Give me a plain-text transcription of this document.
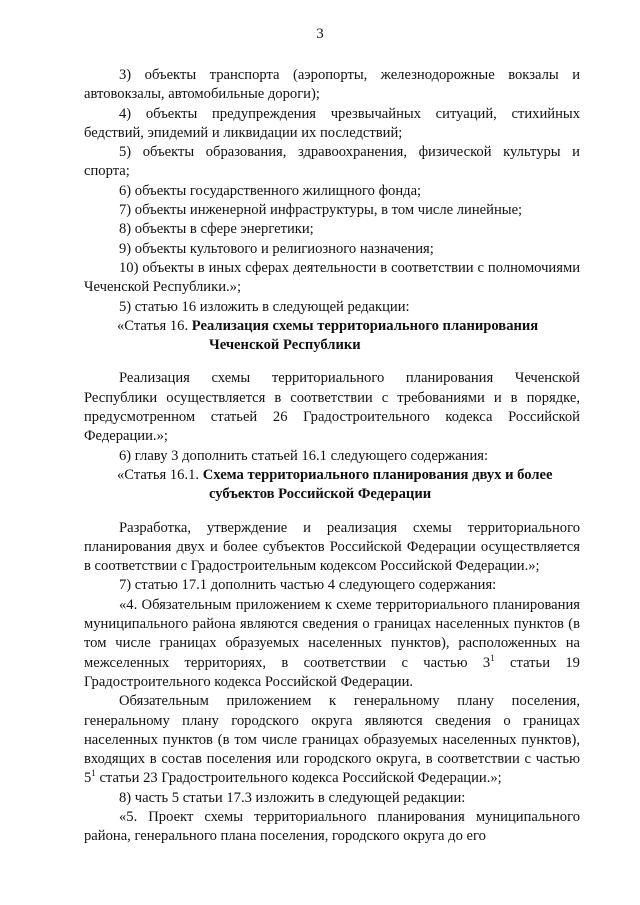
3

3) объекты транспорта (аэропорты, железнодорожные вокзалы и автовокзалы, автомобильные дороги);

4) объекты предупреждения чрезвычайных ситуаций, стихийных бедствий, эпидемий и ликвидации их последствий;

5) объекты образования, здравоохранения, физической культуры и спорта;

6) объекты государственного жилищного фонда;

7) объекты инженерной инфраструктуры, в том числе линейные;

8) объекты в сфере энергетики;

9) объекты культового и религиозного назначения;

10) объекты в иных сферах деятельности в соответствии с полномочиями Чеченской Республики.»;

5) статью 16 изложить в следующей редакции:

«Статья 16. Реализация схемы территориального планирования Чеченской Республики

Реализация схемы территориального планирования Чеченской Республики осуществляется в соответствии с требованиями и в порядке, предусмотренном статьей 26 Градостроительного кодекса Российской Федерации.»;

6) главу 3 дополнить статьей 16.1 следующего содержания:

«Статья 16.1. Схема территориального планирования двух и более субъектов Российской Федерации

Разработка, утверждение и реализация схемы территориального планирования двух и более субъектов Российской Федерации осуществляется в соответствии с Градостроительным кодексом Российской Федерации.»;

7) статью 17.1 дополнить частью 4 следующего содержания:

«4. Обязательным приложением к схеме территориального планирования муниципального района являются сведения о границах населенных пунктов (в том числе границах образуемых населенных пунктов), расположенных на межселенных территориях, в соответствии с частью $3^1$ статьи 19 Градостроительного кодекса Российской Федерации.

Обязательным приложением к генеральному плану поселения, генеральному плану городского округа являются сведения о границах населенных пунктов (в том числе границах образуемых населенных пунктов), входящих в состав поселения или городского округа, в соответствии с частью $5^1$ статьи 23 Градостроительного кодекса Российской Федерации.»;

8) часть 5 статьи 17.3 изложить в следующей редакции:

«5. Проект схемы территориального планирования муниципального района, генерального плана поселения, городского округа до его
